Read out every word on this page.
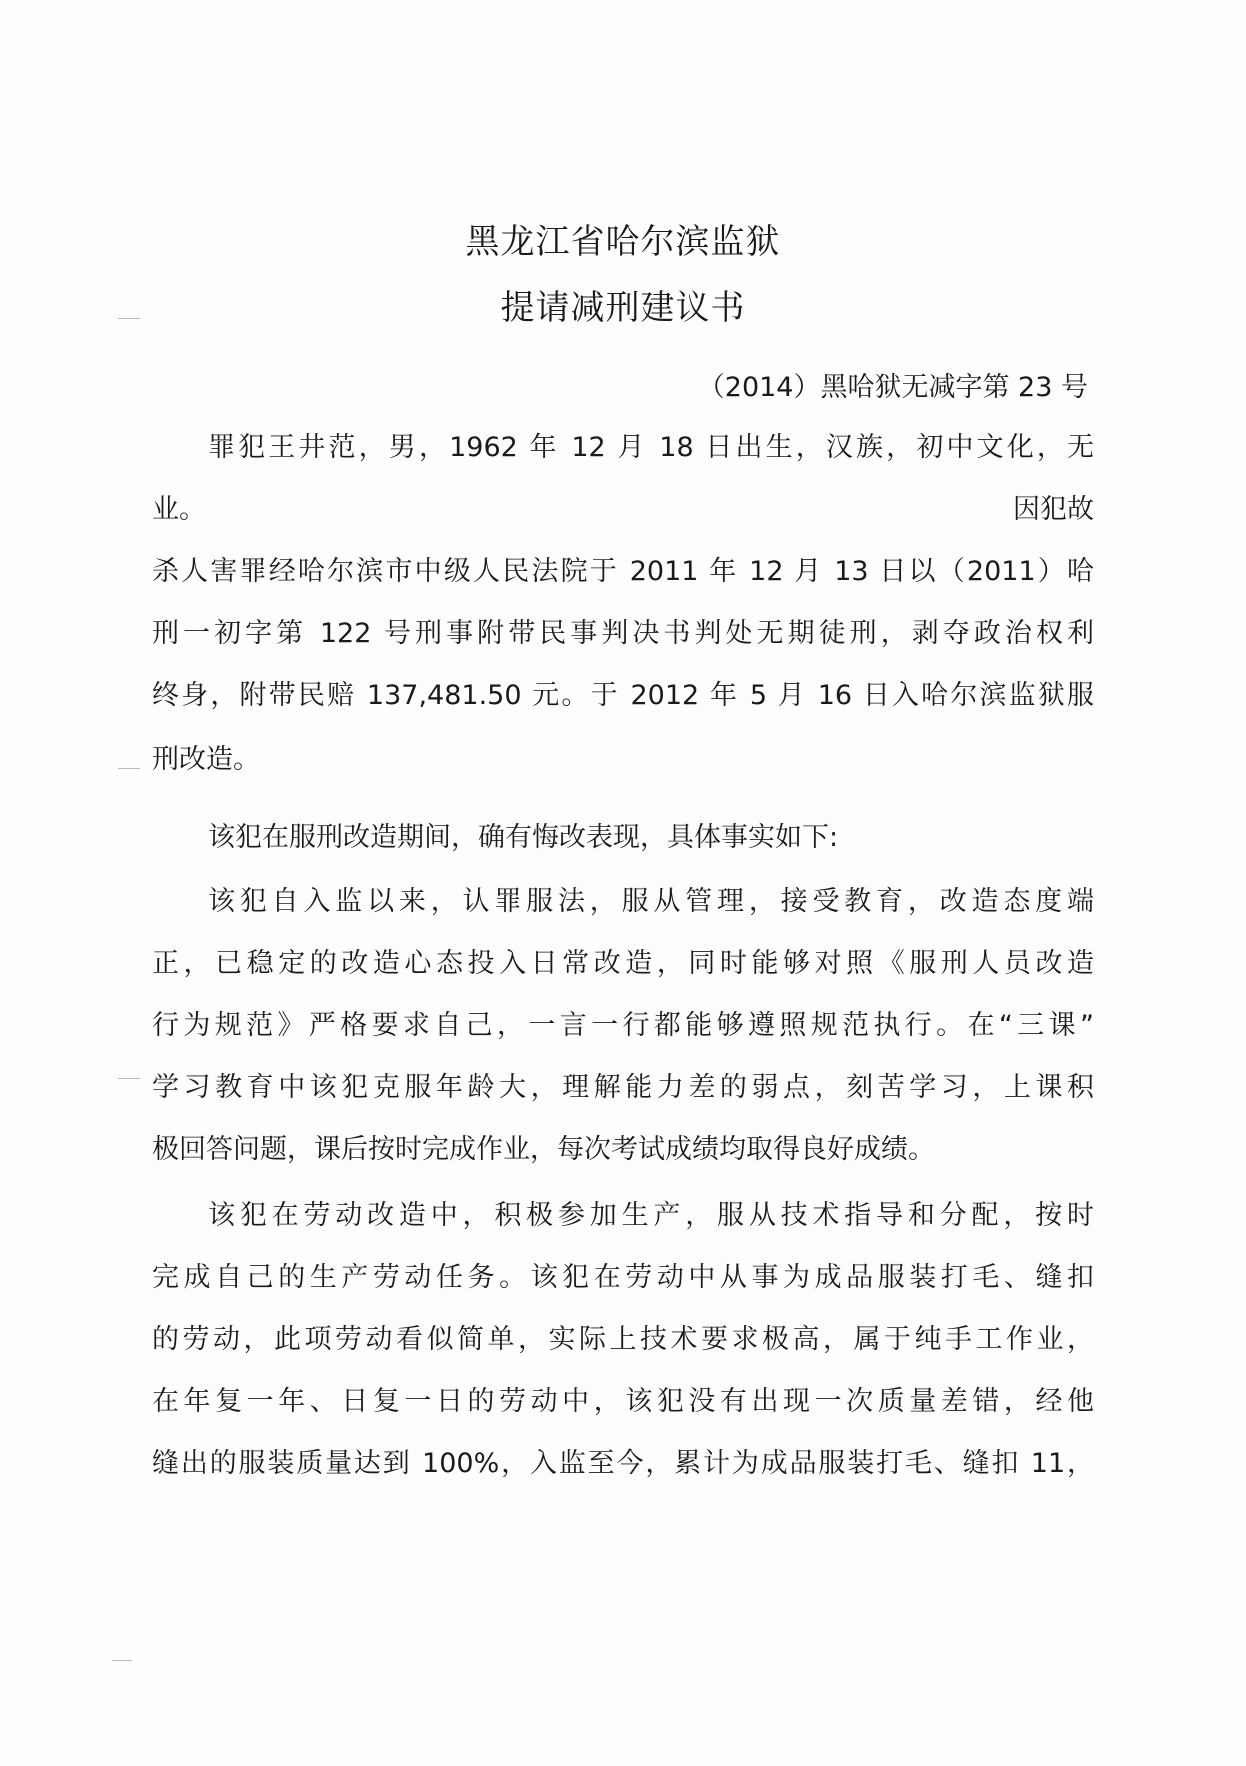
黑龙江省哈尔滨监狱
提请减刑建议书
（2014）黑哈狱无减字第 23 号
罪犯王井范，男，1962 年 12 月 18 日出生，汉族，初中文化，无
业。	因犯故
杀人害罪经哈尔滨市中级人民法院于 2011 年 12 月 13 日以（2011）哈
刑一初字第 122 号刑事附带民事判决书判处无期徒刑，剥夺政治权利
终身，附带民赔 137,481.50 元。于 2012 年 5 月 16 日入哈尔滨监狱服
刑改造。
该犯在服刑改造期间，确有悔改表现，具体事实如下:
该犯自入监以来，认罪服法，服从管理，接受教育，改造态度端
正，已稳定的改造心态投入日常改造，同时能够对照《服刑人员改造
行为规范》严格要求自己，一言一行都能够遵照规范执行。在“三课”
学习教育中该犯克服年龄大，理解能力差的弱点，刻苦学习，上课积
极回答问题，课后按时完成作业，每次考试成绩均取得良好成绩。
该犯在劳动改造中，积极参加生产，服从技术指导和分配，按时
完成自己的生产劳动任务。该犯在劳动中从事为成品服装打毛、缝扣
的劳动，此项劳动看似简单，实际上技术要求极高，属于纯手工作业，
在年复一年、日复一日的劳动中，该犯没有出现一次质量差错，经他
缝出的服装质量达到 100%，入监至今，累计为成品服装打毛、缝扣 11，
